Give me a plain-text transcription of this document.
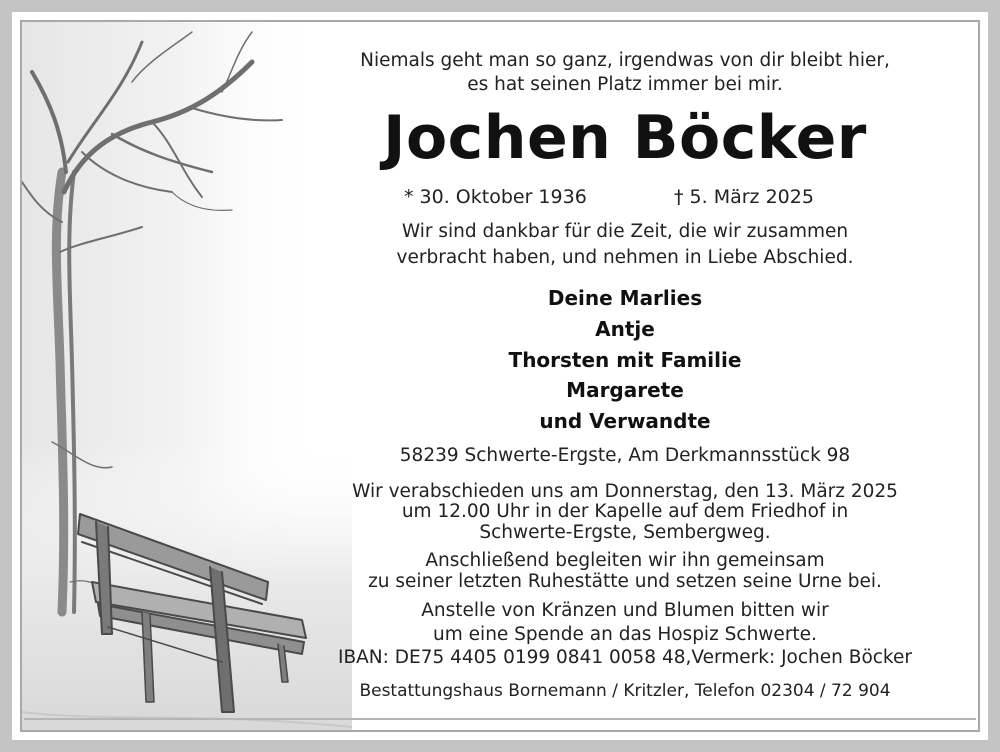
Niemals geht man so ganz, irgendwas von dir bleibt hier,
es hat seinen Platz immer bei mir.
Jochen Böcker
* 30. Oktober 1936	† 5. März 2025
Wir sind dankbar für die Zeit, die wir zusammen
verbracht haben, und nehmen in Liebe Abschied.
Deine Marlies
Antje
Thorsten mit Familie
Margarete
und Verwandte
58239 Schwerte-Ergste, Am Derkmannsstück 98
Wir verabschieden uns am Donnerstag, den 13. März 2025
um 12.00 Uhr in der Kapelle auf dem Friedhof in
Schwerte-Ergste, Sembergweg.
Anschließend begleiten wir ihn gemeinsam
zu seiner letzten Ruhestätte und setzen seine Urne bei.
Anstelle von Kränzen und Blumen bitten wir
um eine Spende an das Hospiz Schwerte.
IBAN: DE75 4405 0199 0841 0058 48,Vermerk: Jochen Böcker
Bestattungshaus Bornemann / Kritzler, Telefon 02304 / 72 904
